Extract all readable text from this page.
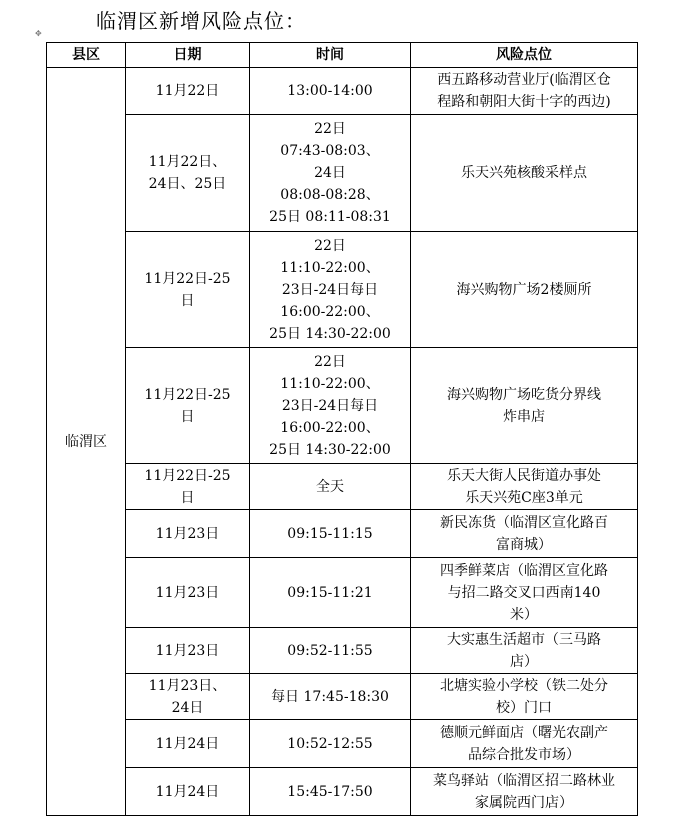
临渭区新增风险点位：
✥
县区	日期	时间	风险点位
临渭区	11月22日	13:00-14:00	西五路移动营业厅(临渭区仓
程路和朝阳大街十字的西边)

	11月22日、
24日、25日	22日
07:43-08:03、
24日
08:08-08:28、
25日 08:11-08:31	乐天兴苑核酸采样点

	11月22日-25
日	22日
11:10-22:00、
23日-24日每日
16:00-22:00、
25日 14:30-22:00	海兴购物广场2楼厕所

	11月22日-25
日	22日
11:10-22:00、
23日-24日每日
16:00-22:00、
25日 14:30-22:00	海兴购物广场吃货分界线
炸串店

	11月22日-25
日	全天	乐天大街人民街道办事处
乐天兴苑C座3单元

	11月23日	09:15-11:15	新民冻货（临渭区宣化路百
富商城）

	11月23日	09:15-11:21	四季鲜菜店（临渭区宣化路
与招二路交叉口西南140
米）

	11月23日	09:52-11:55	大实惠生活超市（三马路
店）

	11月23日、
24日	每日 17:45-18:30	北塘实验小学校（铁二处分
校）门口

	11月24日	10:52-12:55	德顺元鲜面店（曙光农副产
品综合批发市场）

	11月24日	15:45-17:50	菜鸟驿站（临渭区招二路林业
家属院西门店）
